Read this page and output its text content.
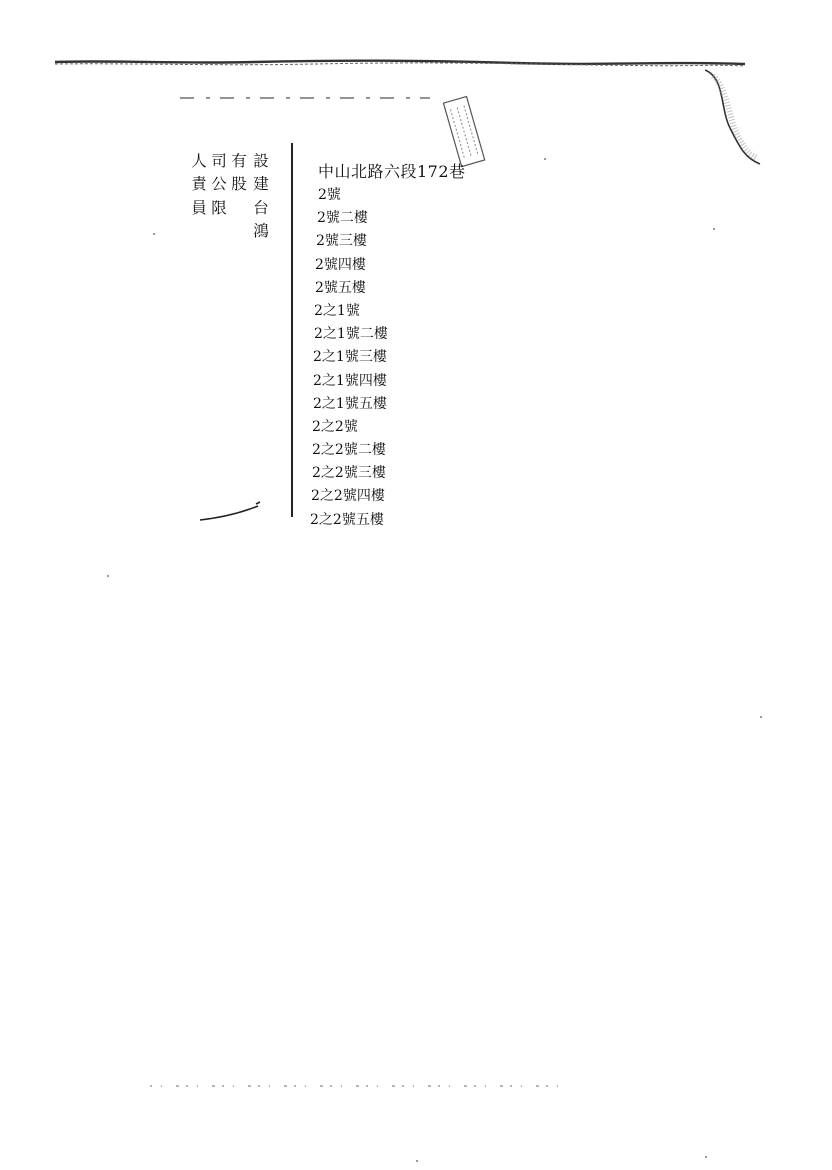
設
建
台
鴻
有
股
司
公
限
人
責
員
中山北路六段172巷
2號
2號二樓
2號三樓
2號四樓
2號五樓
2之1號
2之1號二樓
2之1號三樓
2之1號四樓
2之1號五樓
2之2號
2之2號二樓
2之2號三樓
2之2號四樓
2之2號五樓
